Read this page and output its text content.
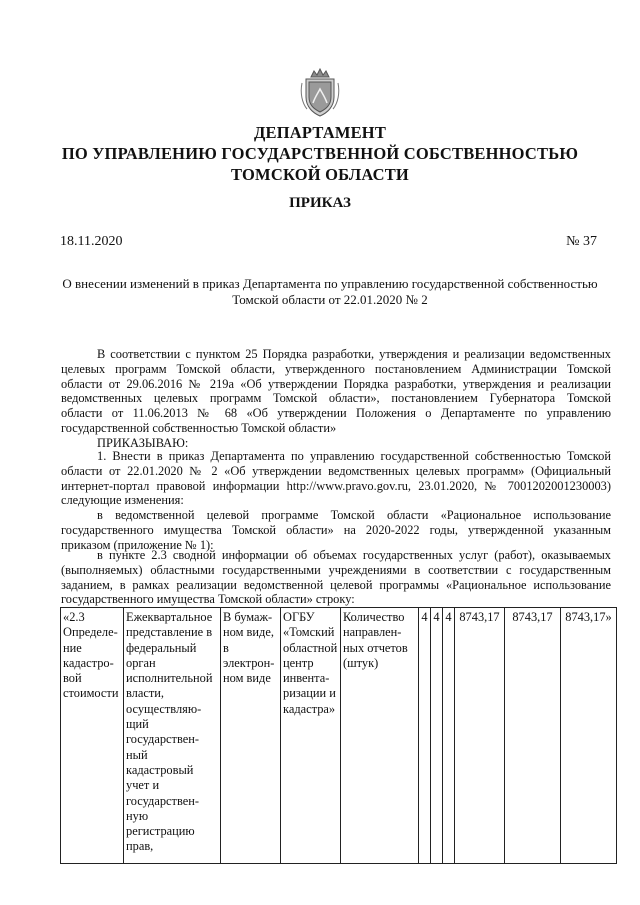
ДЕПАРТАМЕНТ
ПО УПРАВЛЕНИЮ ГОСУДАРСТВЕННОЙ СОБСТВЕННОСТЬЮ
ТОМСКОЙ ОБЛАСТИ
ПРИКАЗ
18.11.2020	№ 37
О внесении изменений в приказ Департамента по управлению государственной собственностью
Томской области от 22.01.2020 № 2
В соответствии с пунктом 25 Порядка разработки, утверждения и реализации ведомственных
целевых программ Томской области, утвержденного постановлением Администрации Томской
области от 29.06.2016 № 219а «Об утверждении Порядка разработки, утверждения и реализации
ведомственных целевых программ Томской области», постановлением Губернатора Томской
области от 11.06.2013 № 68 «Об утверждении Положения о Департаменте по управлению
государственной собственностью Томской области»
ПРИКАЗЫВАЮ:
1. Внести в приказ Департамента по управлению государственной собственностью Томской
области от 22.01.2020 № 2 «Об утверждении ведомственных целевых программ» (Официальный
интернет-портал правовой информации http://www.pravo.gov.ru, 23.01.2020, № 7001202001230003)
следующие изменения:
в ведомственной целевой программе Томской области «Рациональное использование
государственного имущества Томской области» на 2020-2022 годы, утвержденной указанным
приказом (приложение № 1):
в пункте 2.3 сводной информации об объемах государственных услуг (работ), оказываемых
(выполняемых) областными государственными учреждениями в соответствии с государственным
заданием, в рамках реализации ведомственной целевой программы «Рациональное использование
государственного имущества Томской области» строку:
«2.3
Определе-
ние
кадастро-
вой
стоимости

Ежеквартальное
представление в
федеральный
орган
исполнительной
власти,
осуществляю-
щий
государствен-
ный
кадастровый
учет и
государствен-
ную
регистрацию
прав,

В бумаж-
ном виде,
в
электрон-
ном виде

ОГБУ
«Томский
областной
центр
инвента-
ризации и
кадастра»

Количество
направлен-
ных отчетов
(штук)
	4	4	4	8743,17	8743,17	8743,17»
